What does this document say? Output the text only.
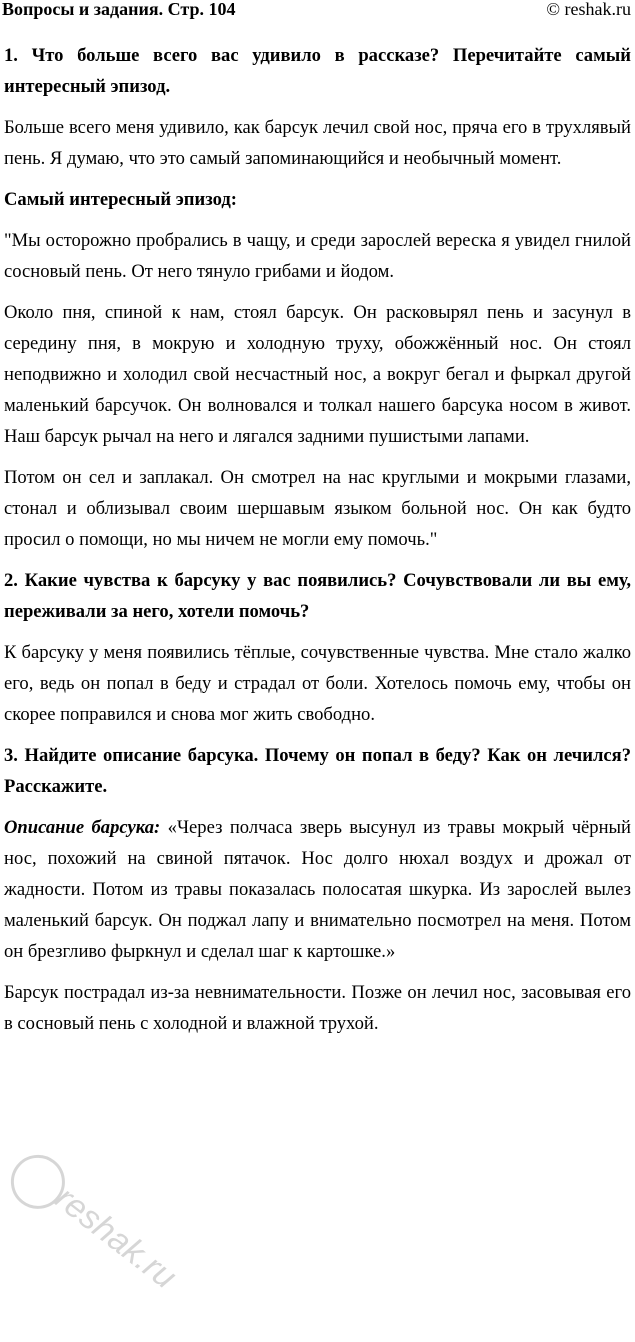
Вопросы и задания. Стр. 104	© reshak.ru

1. Что больше всего вас удивило в рассказе? Перечитайте самый интересный эпизод.

Больше всего меня удивило, как барсук лечил свой нос, пряча его в трухлявый пень. Я думаю, что это самый запоминающийся и необычный момент.

Самый интересный эпизод:

"Мы осторожно пробрались в чащу, и среди зарослей вереска я увидел гнилой сосновый пень. От него тянуло грибами и йодом.

Около пня, спиной к нам, стоял барсук. Он расковырял пень и засунул в середину пня, в мокрую и холодную труху, обожжённый нос. Он стоял неподвижно и холодил свой несчастный нос, а вокруг бегал и фыркал другой маленький барсучок. Он волновался и толкал нашего барсука носом в живот. Наш барсук рычал на него и лягался задними пушистыми лапами.

Потом он сел и заплакал. Он смотрел на нас круглыми и мокрыми глазами, стонал и облизывал своим шершавым языком больной нос. Он как будто просил о помощи, но мы ничем не могли ему помочь."

2. Какие чувства к барсуку у вас появились? Сочувствовали ли вы ему, переживали за него, хотели помочь?

К барсуку у меня появились тёплые, сочувственные чувства. Мне стало жалко его, ведь он попал в беду и страдал от боли. Хотелось помочь ему, чтобы он скорее поправился и снова мог жить свободно.

3. Найдите описание барсука. Почему он попал в беду? Как он лечился? Расскажите.

Описание барсука: «Через полчаса зверь высунул из травы мокрый чёрный нос, похожий на свиной пятачок. Нос долго нюхал воздух и дрожал от жадности. Потом из травы показалась полосатая шкурка. Из зарослей вылез маленький барсук. Он поджал лапу и внимательно посмотрел на меня. Потом он брезгливо фыркнул и сделал шаг к картошке.»

Барсук пострадал из-за невнимательности. Позже он лечил нос, засовывая его в сосновый пень с холодной и влажной трухой.

reshak.ru
